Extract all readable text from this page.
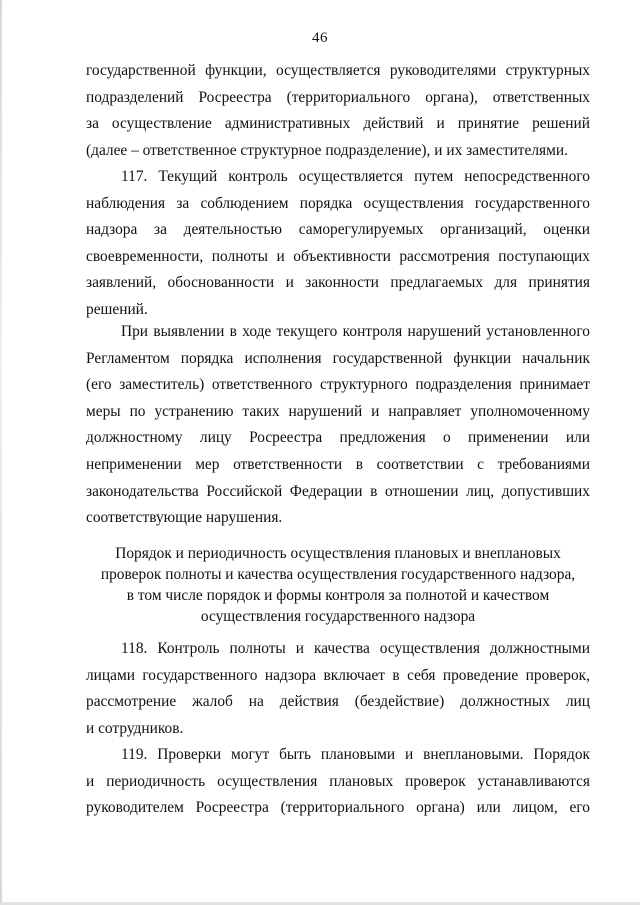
46
государственной функции, осуществляется руководителями структурных
подразделений Росреестра (территориального органа), ответственных
за осуществление административных действий и принятие решений
(далее – ответственное структурное подразделение), и их заместителями.
117. Текущий контроль осуществляется путем непосредственного
наблюдения за соблюдением порядка осуществления государственного
надзора за деятельностью саморегулируемых организаций, оценки
своевременности, полноты и объективности рассмотрения поступающих
заявлений, обоснованности и законности предлагаемых для принятия
решений.
При выявлении в ходе текущего контроля нарушений установленного
Регламентом порядка исполнения государственной функции начальник
(его заместитель) ответственного структурного подразделения принимает
меры по устранению таких нарушений и направляет уполномоченному
должностному лицу Росреестра предложения о применении или
неприменении мер ответственности в соответствии с требованиями
законодательства Российской Федерации в отношении лиц, допустивших
соответствующие нарушения.
Порядок и периодичность осуществления плановых и внеплановых
проверок полноты и качества осуществления государственного надзора,
в том числе порядок и формы контроля за полнотой и качеством
осуществления государственного надзора
118. Контроль полноты и качества осуществления должностными
лицами государственного надзора включает в себя проведение проверок,
рассмотрение жалоб на действия (бездействие) должностных лиц
и сотрудников.
119. Проверки могут быть плановыми и внеплановыми. Порядок
и периодичность осуществления плановых проверок устанавливаются
руководителем Росреестра (территориального органа) или лицом, его
